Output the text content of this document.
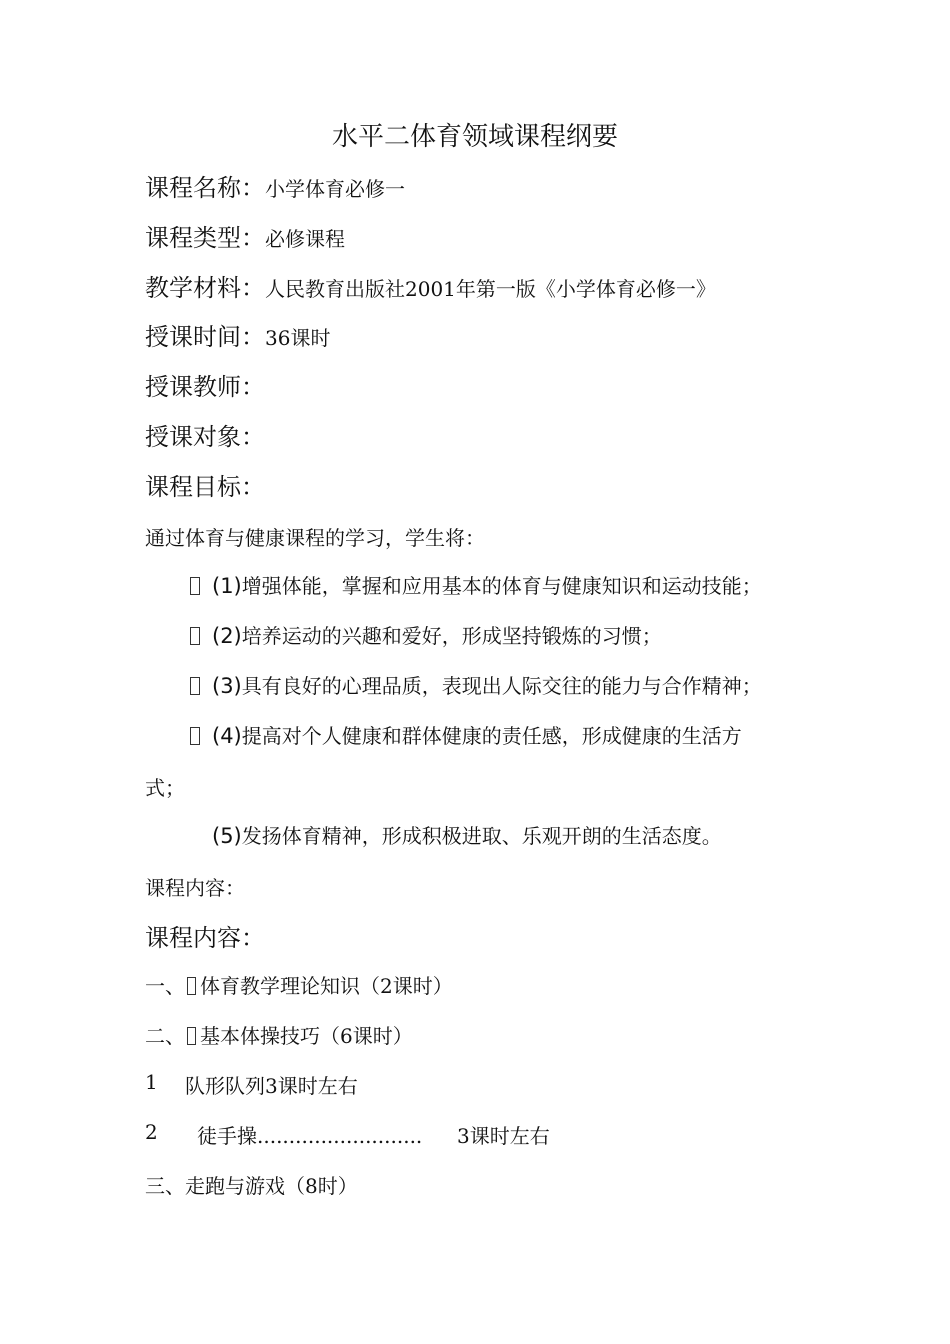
水平二体育领域课程纲要
课程名称：小学体育必修一
课程类型：必修课程
教学材料：人民教育出版社2001年第一版《小学体育必修一》
授课时间：36课时
授课教师：
授课对象：
课程目标：
通过体育与健康课程的学习，学生将：
(1)增强体能，掌握和应用基本的体育与健康知识和运动技能；
(2)培养运动的兴趣和爱好，形成坚持锻炼的习惯；
(3)具有良好的心理品质，表现出人际交往的能力与合作精神；
(4)提高对个人健康和群体健康的责任感，形成健康的生活方
式；
(5)发扬体育精神，形成积极进取、乐观开朗的生活态度。
课程内容：
课程内容：
一、 体育教学理论知识（2课时）
二、 基本体操技巧（6课时）
1 队形队列3课时左右
2 徒手操.......................... 3课时左右
三、走跑与游戏（8时）
